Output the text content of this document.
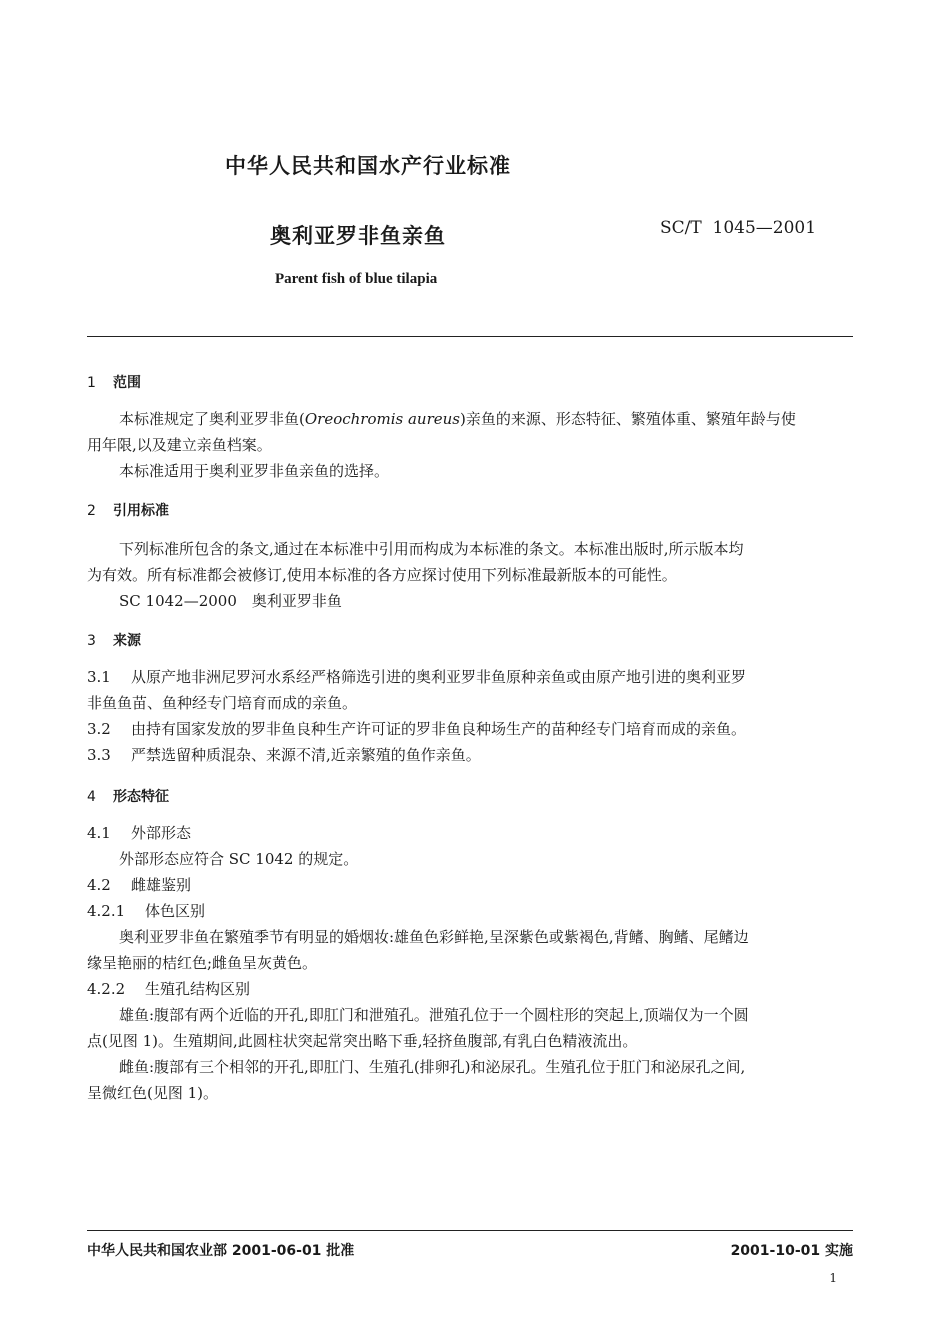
中华人民共和国水产行业标准
奥利亚罗非鱼亲鱼	SC/T  1045—2001
Parent fish of blue tilapia
1 范围
本标准规定了奥利亚罗非鱼(Oreochromis aureus)亲鱼的来源、形态特征、繁殖体重、繁殖年龄与使
用年限,以及建立亲鱼档案。
本标准适用于奥利亚罗非鱼亲鱼的选择。
2 引用标准
下列标准所包含的条文,通过在本标准中引用而构成为本标准的条文。本标准出版时,所示版本均
为有效。所有标准都会被修订,使用本标准的各方应探讨使用下列标准最新版本的可能性。
SC 1042—2000　奥利亚罗非鱼
3 来源
3.1 从原产地非洲尼罗河水系经严格筛选引进的奥利亚罗非鱼原种亲鱼或由原产地引进的奥利亚罗
非鱼鱼苗、鱼种经专门培育而成的亲鱼。
3.2 由持有国家发放的罗非鱼良种生产许可证的罗非鱼良种场生产的苗种经专门培育而成的亲鱼。
3.3 严禁选留种质混杂、来源不清,近亲繁殖的鱼作亲鱼。
4 形态特征
4.1 外部形态
外部形态应符合 SC 1042 的规定。
4.2 雌雄鉴别
4.2.1 体色区别
奥利亚罗非鱼在繁殖季节有明显的婚烟妆:雄鱼色彩鲜艳,呈深紫色或紫褐色,背鳍、胸鳍、尾鳍边
缘呈艳丽的桔红色;雌鱼呈灰黄色。
4.2.2 生殖孔结构区别
雄鱼:腹部有两个近临的开孔,即肛门和泄殖孔。泄殖孔位于一个圆柱形的突起上,顶端仅为一个圆
点(见图 1)。生殖期间,此圆柱状突起常突出略下垂,轻挤鱼腹部,有乳白色精液流出。
雌鱼:腹部有三个相邻的开孔,即肛门、生殖孔(排卵孔)和泌尿孔。生殖孔位于肛门和泌尿孔之间,
呈微红色(见图 1)。
中华人民共和国农业部 2001-06-01 批准	2001-10-01 实施
1
